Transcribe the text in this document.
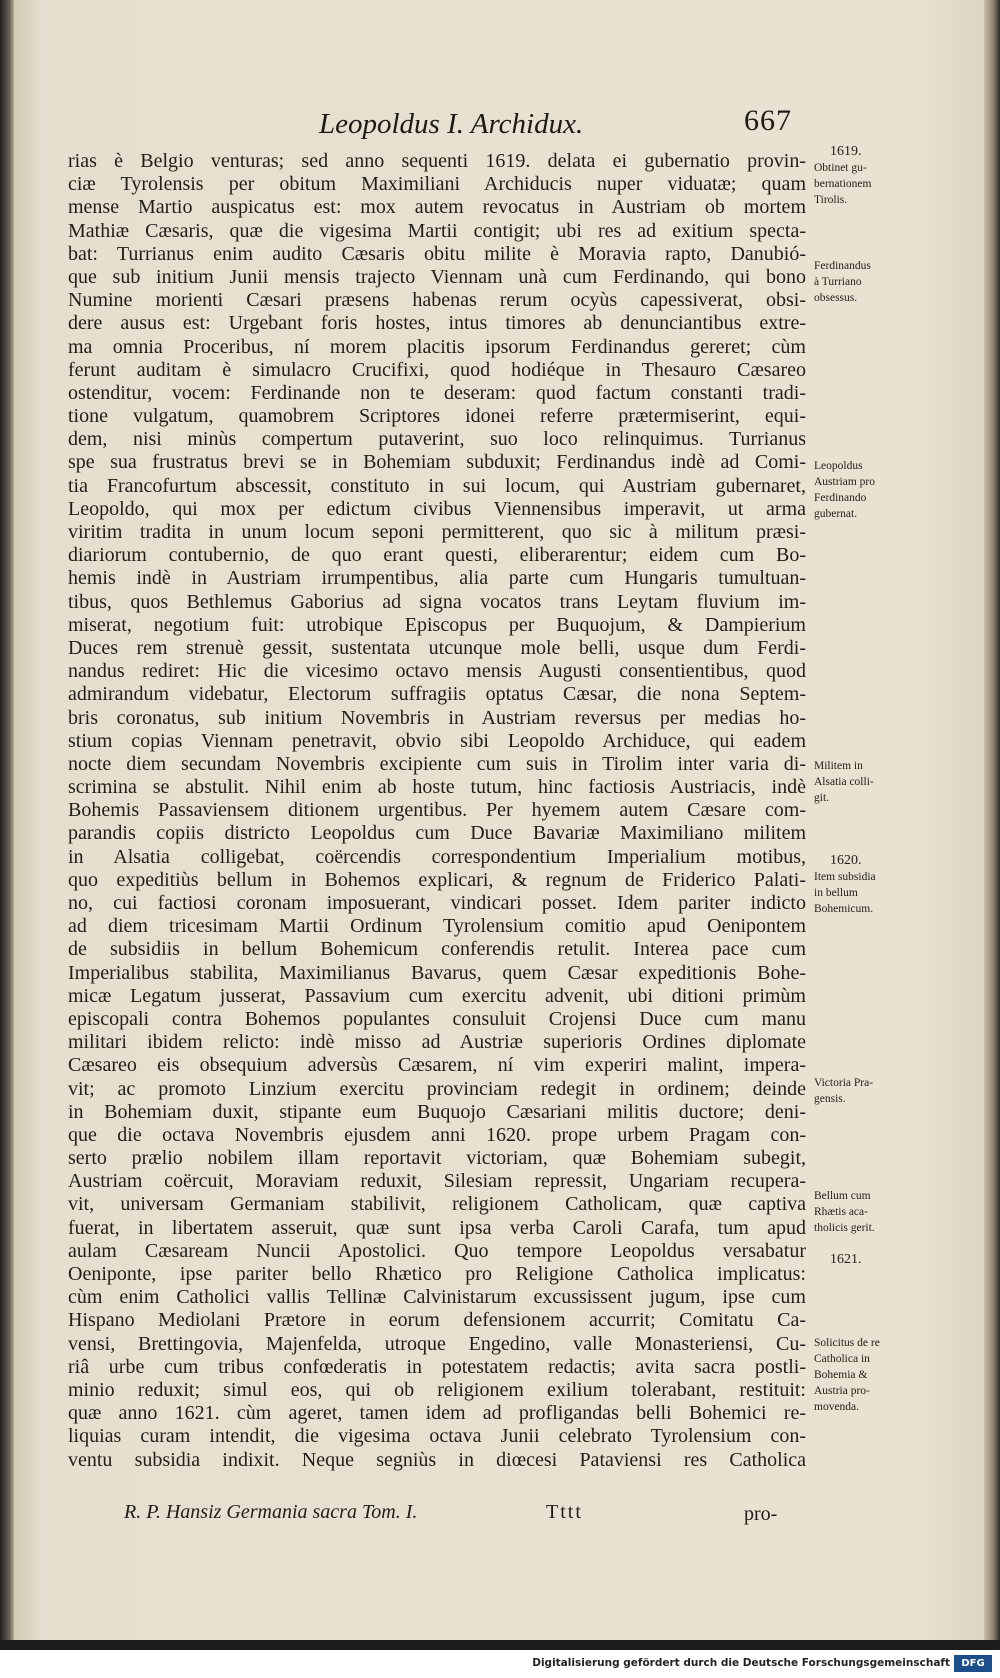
Leopoldus I. Archidux.	667
rias è Belgio venturas; sed anno sequenti 1619. delata ei gubernatio provin-
ciæ Tyrolensis per obitum Maximiliani Archiducis nuper viduatæ; quam
mense Martio auspicatus est: mox autem revocatus in Austriam ob mortem
Mathiæ Cæsaris, quæ die vigesima Martii contigit; ubi res ad exitium specta-
bat: Turrianus enim audito Cæsaris obitu milite è Moravia rapto, Danubió-
que sub initium Junii mensis trajecto Viennam unà cum Ferdinando, qui bono
Numine morienti Cæsari præsens habenas rerum ocyùs capessiverat, obsi-
dere ausus est: Urgebant foris hostes, intus timores ab denunciantibus extre-
ma omnia Proceribus, ní morem placitis ipsorum Ferdinandus gereret; cùm
ferunt auditam è simulacro Crucifixi, quod hodiéque in Thesauro Cæsareo
ostenditur, vocem: Ferdinande non te deseram: quod factum constanti tradi-
tione vulgatum, quamobrem Scriptores idonei referre prætermiserint, equi-
dem, nisi minùs compertum putaverint, suo loco relinquimus. Turrianus
spe sua frustratus brevi se in Bohemiam subduxit; Ferdinandus indè ad Comi-
tia Francofurtum abscessit, constituto in sui locum, qui Austriam gubernaret,
Leopoldo, qui mox per edictum civibus Viennensibus imperavit, ut arma
viritim tradita in unum locum seponi permitterent, quo sic à militum præsi-
diariorum contubernio, de quo erant questi, eliberarentur; eidem cum Bo-
hemis indè in Austriam irrumpentibus, alia parte cum Hungaris tumultuan-
tibus, quos Bethlemus Gaborius ad signa vocatos trans Leytam fluvium im-
miserat, negotium fuit: utrobique Episcopus per Buquojum, & Dampierium
Duces rem strenuè gessit, sustentata utcunque mole belli, usque dum Ferdi-
nandus rediret: Hic die vicesimo octavo mensis Augusti consentientibus, quod
admirandum videbatur, Electorum suffragiis optatus Cæsar, die nona Septem-
bris coronatus, sub initium Novembris in Austriam reversus per medias ho-
stium copias Viennam penetravit, obvio sibi Leopoldo Archiduce, qui eadem
nocte diem secundam Novembris excipiente cum suis in Tirolim inter varia di-
scrimina se abstulit. Nihil enim ab hoste tutum, hinc factiosis Austriacis, indè
Bohemis Passaviensem ditionem urgentibus. Per hyemem autem Cæsare com-
parandis copiis districto Leopoldus cum Duce Bavariæ Maximiliano militem
in Alsatia colligebat, coërcendis correspondentium Imperialium motibus,
quo expeditiùs bellum in Bohemos explicari, & regnum de Friderico Palati-
no, cui factiosi coronam imposuerant, vindicari posset. Idem pariter indicto
ad diem tricesimam Martii Ordinum Tyrolensium comitio apud Oenipontem
de subsidiis in bellum Bohemicum conferendis retulit. Interea pace cum
Imperialibus stabilita, Maximilianus Bavarus, quem Cæsar expeditionis Bohe-
micæ Legatum jusserat, Passavium cum exercitu advenit, ubi ditioni primùm
episcopali contra Bohemos populantes consuluit Crojensi Duce cum manu
militari ibidem relicto: indè misso ad Austriæ superioris Ordines diplomate
Cæsareo eis obsequium adversùs Cæsarem, ní vim experiri malint, impera-
vit; ac promoto Linzium exercitu provinciam redegit in ordinem; deinde
in Bohemiam duxit, stipante eum Buquojo Cæsariani militis ductore; deni-
que die octava Novembris ejusdem anni 1620. prope urbem Pragam con-
serto prælio nobilem illam reportavit victoriam, quæ Bohemiam subegit,
Austriam coërcuit, Moraviam reduxit, Silesiam repressit, Ungariam recupera-
vit, universam Germaniam stabilivit, religionem Catholicam, quæ captiva
fuerat, in libertatem asseruit, quæ sunt ipsa verba Caroli Carafa, tum apud
aulam Cæsaream Nuncii Apostolici. Quo tempore Leopoldus versabatur
Oeniponte, ipse pariter bello Rhætico pro Religione Catholica implicatus:
cùm enim Catholici vallis Tellinæ Calvinistarum excussissent jugum, ipse cum
Hispano Mediolani Prætore in eorum defensionem accurrit; Comitatu Ca-
vensi, Brettingovia, Majenfelda, utroque Engedino, valle Monasteriensi, Cu-
riâ urbe cum tribus confœderatis in potestatem redactis; avita sacra postli-
minio reduxit; simul eos, qui ob religionem exilium tolerabant, restituit:
quæ anno 1621. cùm ageret, tamen idem ad profligandas belli Bohemici re-
liquias curam intendit, die vigesima octava Junii celebrato Tyrolensium con-
ventu subsidia indixit. Neque segniùs in diœcesi Pataviensi res Catholica
1619.
Obtinet gu-
bernationem
Tirolis.
Ferdinandus
à Turriano
obsessus.
Leopoldus
Austriam pro
Ferdinando
gubernat.
Militem in
Alsatia colli-
git.
1620.
Item subsidia
in bellum
Bohemicum.
Victoria Pra-
gensis.
Bellum cum
Rhætis aca-
tholicis gerit.
1621.
Solicitus de re
Catholica in
Bohemia &
Austria pro-
movenda.
R. P. Hansiz Germania sacra Tom. I.	Tttt	pro-
Digitalisierung gefördert durch die Deutsche Forschungsgemeinschaft	DFG
